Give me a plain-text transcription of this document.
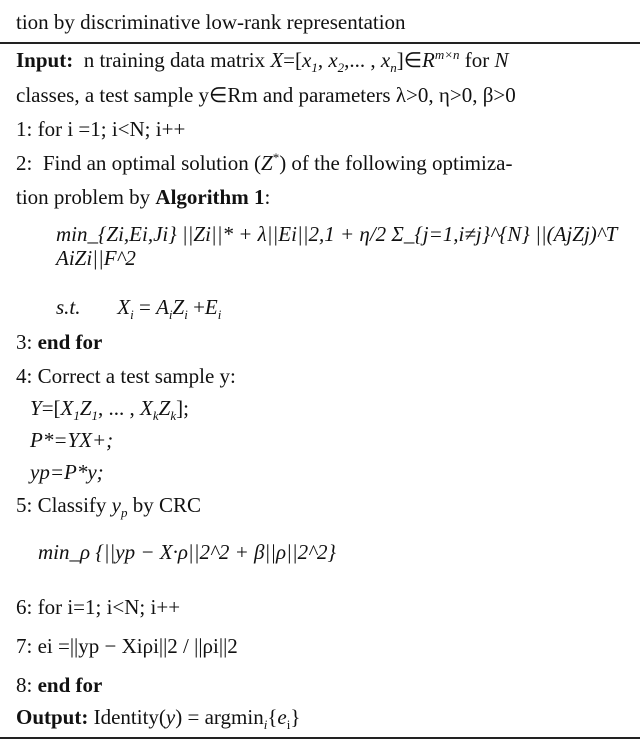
tion by discriminative low-rank representation
Input:  n training data matrix $X=[x_1$, $x_2$,... , $x_n]\in R^{m\times n}$ for N
classes, a test sample y∈Rm and parameters λ>0, η>0, β>0
1: for i =1; i<N; i++
2:  Find an optimal solution (Z*) of the following optimiza-
tion problem by Algorithm 1:
min_{Zi,Ei,Ji} ||Zi||* + λ||Ei||2,1 + η/2 Σ_{j=1,i≠j}^{N} ||(AjZj)^T AiZi||F^2
s.t. $X_i = A_iZ_i +E_i$
3: end for
4: Correct a test sample y:
$Y=[X_1Z_1$, ... , $X_kZ_k$];
P*=YX+;
yp=P*y;
5: Classify $y_p$ by CRC
min_ρ {||yp − X·ρ||2^2 + β||ρ||2^2}
6: for i=1; i<N; i++
7: ei =||yp − Xiρi||2 / ||ρi||2
8: end for
Output: Identity(y) = $argmin_i\{e_i\}$
